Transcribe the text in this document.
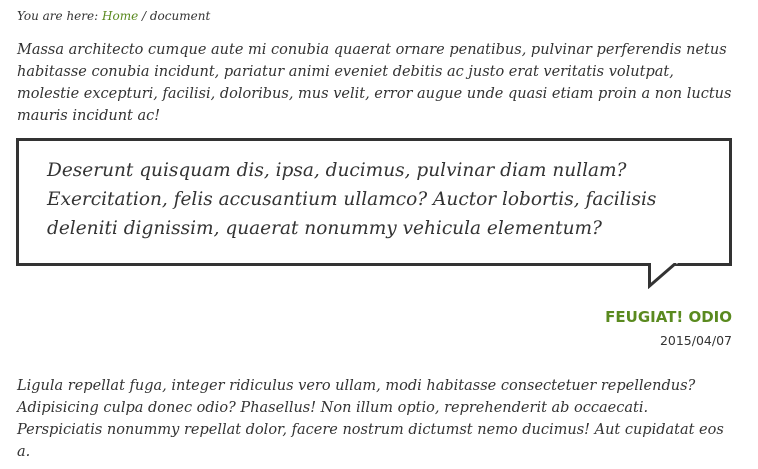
You are here: Home / document

Massa architecto cumque aute mi conubia quaerat ornare penatibus, pulvinar perferendis netus habitasse conubia incidunt, pariatur animi eveniet debitis ac justo erat veritatis volutpat, molestie excepturi, facilisi, doloribus, mus velit, error augue unde quasi etiam proin a non luctus mauris incidunt ac!

Deserunt quisquam dis, ipsa, ducimus, pulvinar diam nullam? Exercitation, felis accusantium ullamco? Auctor lobortis, facilisis deleniti dignissim, quaerat nonummy vehicula elementum?

FEUGIAT! ODIO
2015/04/07

Ligula repellat fuga, integer ridiculus vero ullam, modi habitasse consectetuer repellendus? Adipisicing culpa donec odio? Phasellus! Non illum optio, reprehenderit ab occaecati. Perspiciatis nonummy repellat dolor, facere nostrum dictumst nemo ducimus! Aut cupidatat eos a.
